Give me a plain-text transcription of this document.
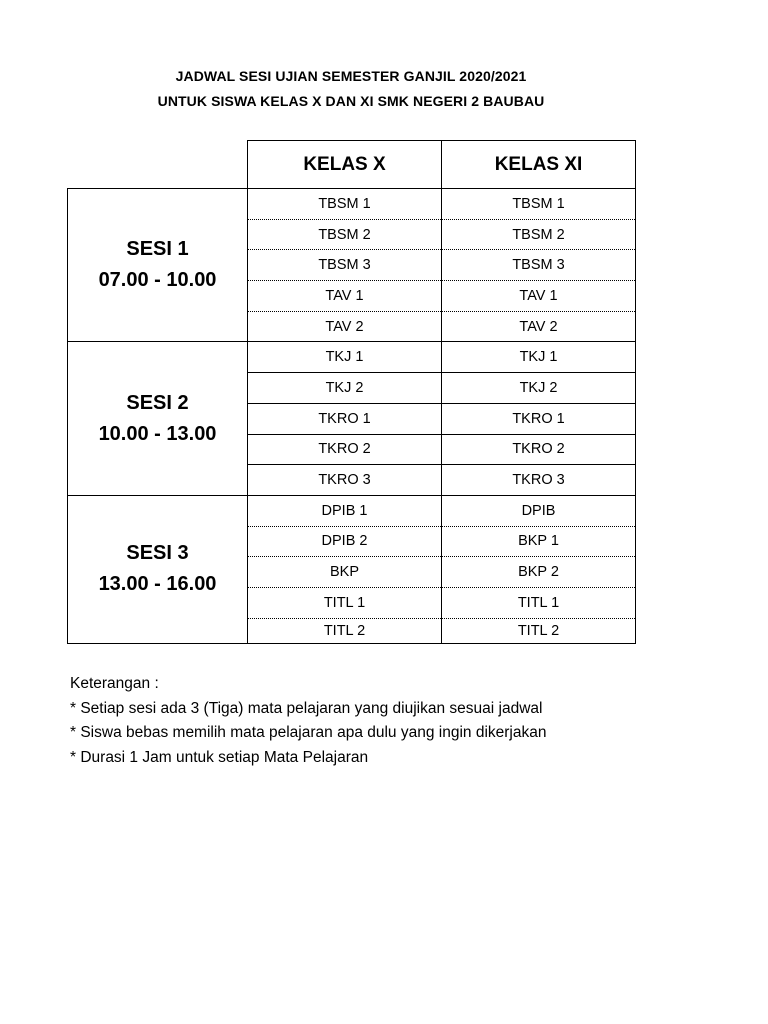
JADWAL SESI UJIAN SEMESTER GANJIL 2020/2021
UNTUK SISWA KELAS X DAN XI SMK NEGERI 2 BAUBAU
	KELAS X	KELAS XI

SESI 1
07.00 - 10.00	TBSM 1	TBSM 1
	TBSM 2	TBSM 2
	TBSM 3	TBSM 3
	TAV 1	TAV 1
	TAV 2	TAV 2

SESI 2
10.00 - 13.00	TKJ 1	TKJ 1
	TKJ 2	TKJ 2
	TKRO 1	TKRO 1
	TKRO 2	TKRO 2
	TKRO 3	TKRO 3

SESI 3
13.00 - 16.00	DPIB 1	DPIB
	DPIB 2	BKP 1
	BKP	BKP 2
	TITL 1	TITL 1
	TITL 2	TITL 2
Keterangan :
* Setiap sesi ada 3 (Tiga) mata pelajaran yang diujikan sesuai jadwal
* Siswa bebas memilih mata pelajaran apa dulu yang ingin dikerjakan
* Durasi 1 Jam untuk setiap Mata Pelajaran
